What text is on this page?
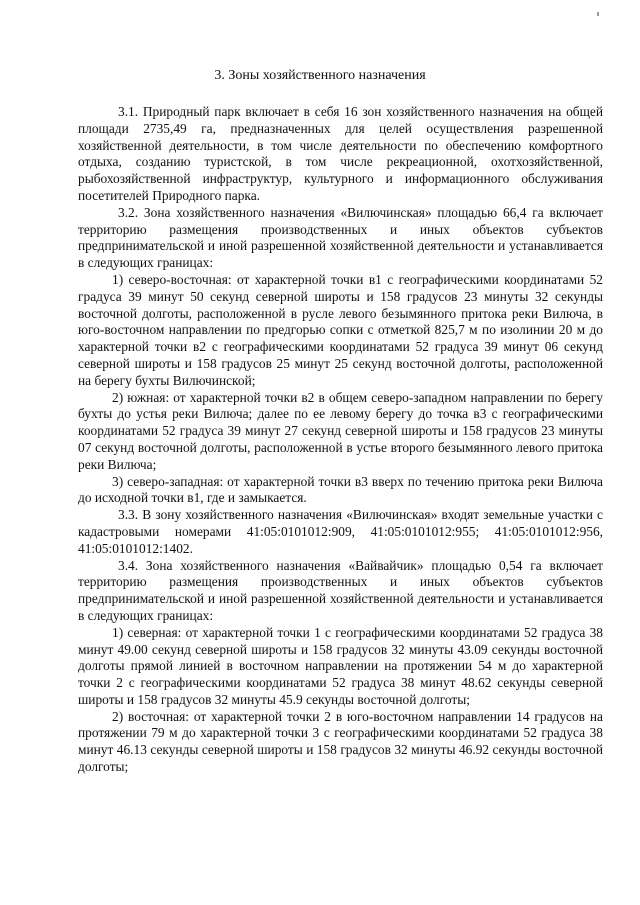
3. Зоны хозяйственного назначения

3.1. Природный парк включает в себя 16 зон хозяйственного назначения на общей площади 2735,49 га, предназначенных для целей осуществления разрешенной хозяйственной деятельности, в том числе деятельности по обеспечению комфортного отдыха, созданию туристской, в том числе рекреационной, охотхозяйственной, рыбохозяйственной инфраструктур, культурного и информационного обслуживания посетителей Природного парка.

3.2. Зона хозяйственного назначения «Вилючинская» площадью 66,4 га включает территорию размещения производственных и иных объектов субъектов предпринимательской и иной разрешенной хозяйственной деятельности и устанавливается в следующих границах:

1) северо-восточная: от характерной точки в1 с географическими координатами 52 градуса 39 минут 50 секунд северной широты и 158 градусов 23 минуты 32 секунды восточной долготы, расположенной в русле левого безымянного притока реки Вилюча, в юго-восточном направлении по предгорью сопки с отметкой 825,7 м по изолинии 20 м до характерной точки в2 с географическими координатами 52 градуса 39 минут 06 секунд северной широты и 158 градусов 25 минут 25 секунд восточной долготы, расположенной на берегу бухты Вилючинской;

2) южная: от характерной точки в2 в общем северо-западном направлении по берегу бухты до устья реки Вилюча; далее по ее левому берегу до точка в3 с географическими координатами 52 градуса 39 минут 27 секунд северной широты и 158 градусов 23 минуты 07 секунд восточной долготы, расположенной в устье второго безымянного левого притока реки Вилюча;

3) северо-западная: от характерной точки в3 вверх по течению притока реки Вилюча до исходной точки в1, где и замыкается.

3.3. В зону хозяйственного назначения «Вилючинская» входят земельные участки с кадастровыми номерами 41:05:0101012:909, 41:05:0101012:955; 41:05:0101012:956, 41:05:0101012:1402.

3.4. Зона хозяйственного назначения «Вайвайчик» площадью 0,54 га включает территорию размещения производственных и иных объектов субъектов предпринимательской и иной разрешенной хозяйственной деятельности и устанавливается в следующих границах:

1) северная: от характерной точки 1 с географическими координатами 52 градуса 38 минут 49.00 секунд северной широты и 158 градусов 32 минуты 43.09 секунды восточной долготы прямой линией в восточном направлении на протяжении 54 м до характерной точки 2 с географическими координатами 52 градуса 38 минут 48.62 секунды северной широты и 158 градусов 32 минуты 45.9 секунды восточной долготы;

2) восточная: от характерной точки 2 в юго-восточном направлении 14 градусов на протяжении 79 м до характерной точки 3 с географическими координатами 52 градуса 38 минут 46.13 секунды северной широты и 158 градусов 32 минуты 46.92 секунды восточной долготы;
